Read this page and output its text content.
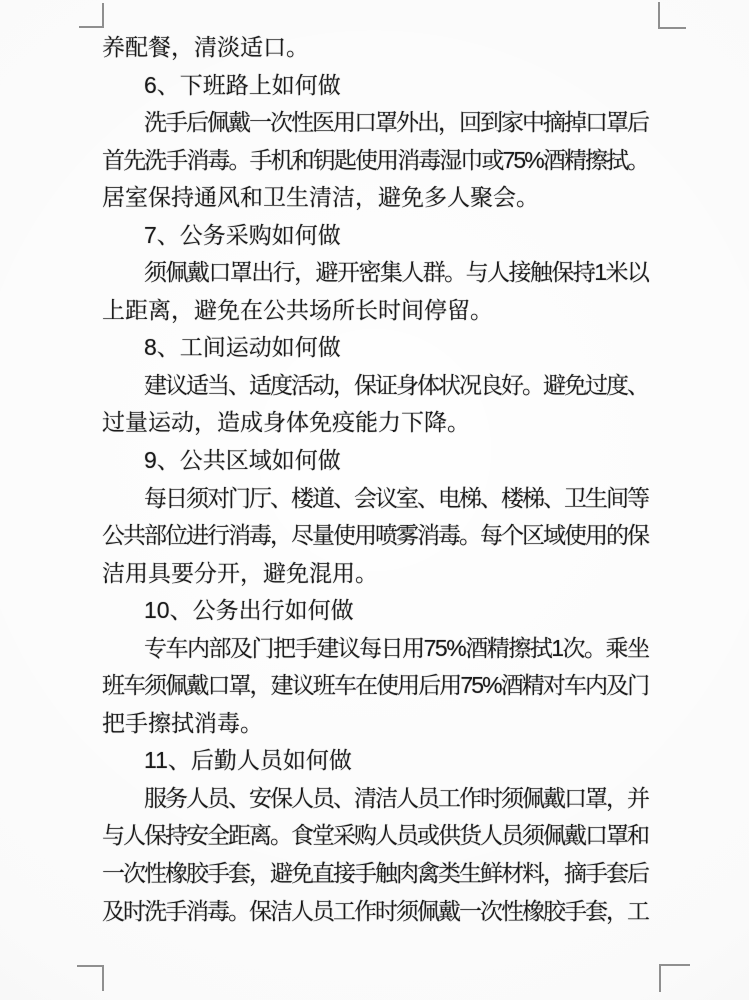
养配餐，清淡适口。
6、下班路上如何做
洗手后佩戴一次性医用口罩外出，回到家中摘掉口罩后
首先洗手消毒。手机和钥匙使用消毒湿巾或75%酒精擦拭。
居室保持通风和卫生清洁，避免多人聚会。
7、公务采购如何做
须佩戴口罩出行，避开密集人群。与人接触保持1米以
上距离，避免在公共场所长时间停留。
8、工间运动如何做
建议适当、适度活动，保证身体状况良好。避免过度、
过量运动，造成身体免疫能力下降。
9、公共区域如何做
每日须对门厅、楼道、会议室、电梯、楼梯、卫生间等
公共部位进行消毒，尽量使用喷雾消毒。每个区域使用的保
洁用具要分开，避免混用。
10、公务出行如何做
专车内部及门把手建议每日用75%酒精擦拭1次。乘坐
班车须佩戴口罩，建议班车在使用后用75%酒精对车内及门
把手擦拭消毒。
11、后勤人员如何做
服务人员、安保人员、清洁人员工作时须佩戴口罩，并
与人保持安全距离。食堂采购人员或供货人员须佩戴口罩和
一次性橡胶手套，避免直接手触肉禽类生鲜材料，摘手套后
及时洗手消毒。保洁人员工作时须佩戴一次性橡胶手套，工
